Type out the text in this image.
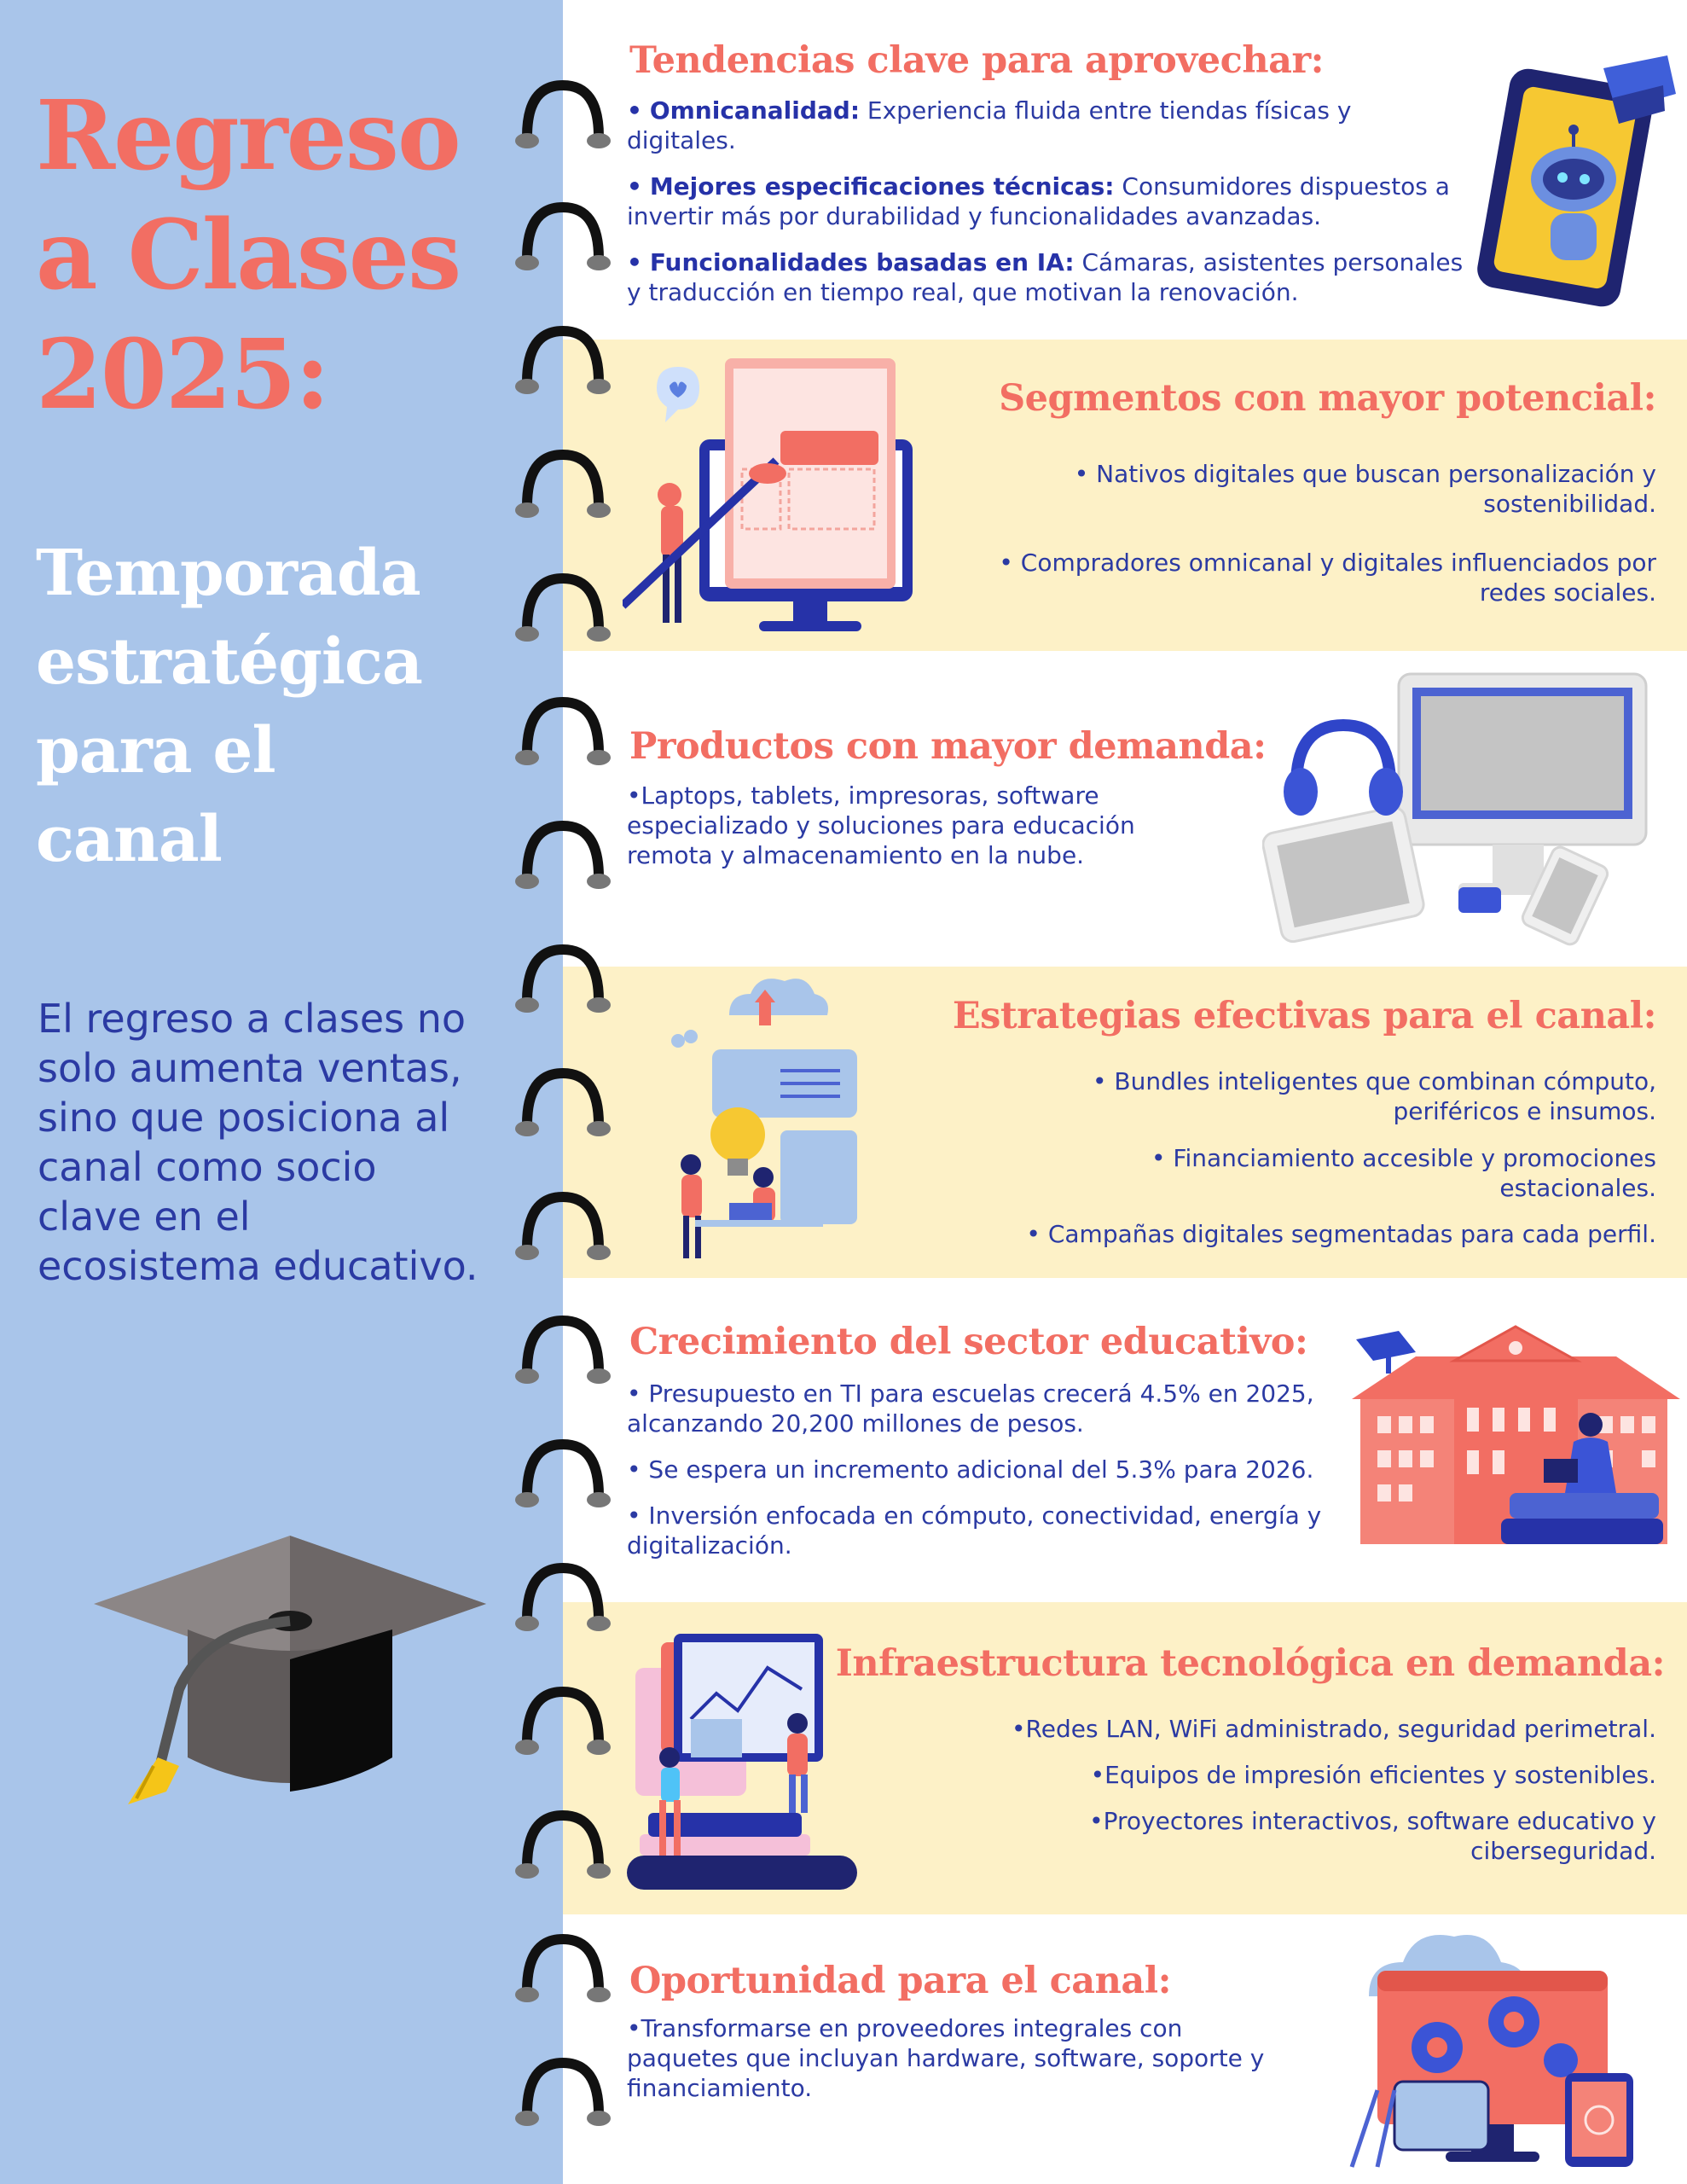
Regreso
a Clases
2025:
Temporada
estratégica
para el
canal
El regreso a clases no solo aumenta ventas, sino que posiciona al canal como socio clave en el ecosistema educativo.
Tendencias clave para aprovechar:
• Omnicanalidad: Experiencia fluida entre tiendas físicas y digitales.
• Mejores especificaciones técnicas: Consumidores dispuestos a invertir más por durabilidad y funcionalidades avanzadas.
• Funcionalidades basadas en IA: Cámaras, asistentes personales y traducción en tiempo real, que motivan la renovación.
Segmentos con mayor potencial:
• Nativos digitales que buscan personalización y sostenibilidad.
• Compradores omnicanal y digitales influenciados por redes sociales.
Productos con mayor demanda:
•Laptops, tablets, impresoras, software especializado y soluciones para educación remota y almacenamiento en la nube.
Estrategias efectivas para el canal:
• Bundles inteligentes que combinan cómputo, periféricos e insumos.
• Financiamiento accesible y promociones estacionales.
• Campañas digitales segmentadas para cada perfil.
Crecimiento del sector educativo:
• Presupuesto en TI para escuelas crecerá 4.5% en 2025, alcanzando 20,200 millones de pesos.
• Se espera un incremento adicional del 5.3% para 2026.
• Inversión enfocada en cómputo, conectividad, energía y digitalización.
Infraestructura tecnológica en demanda:
•Redes LAN, WiFi administrado, seguridad perimetral.
•Equipos de impresión eficientes y sostenibles.
•Proyectores interactivos, software educativo y ciberseguridad.
Oportunidad para el canal:
•Transformarse en proveedores integrales con paquetes que incluyan hardware, software, soporte y financiamiento.
